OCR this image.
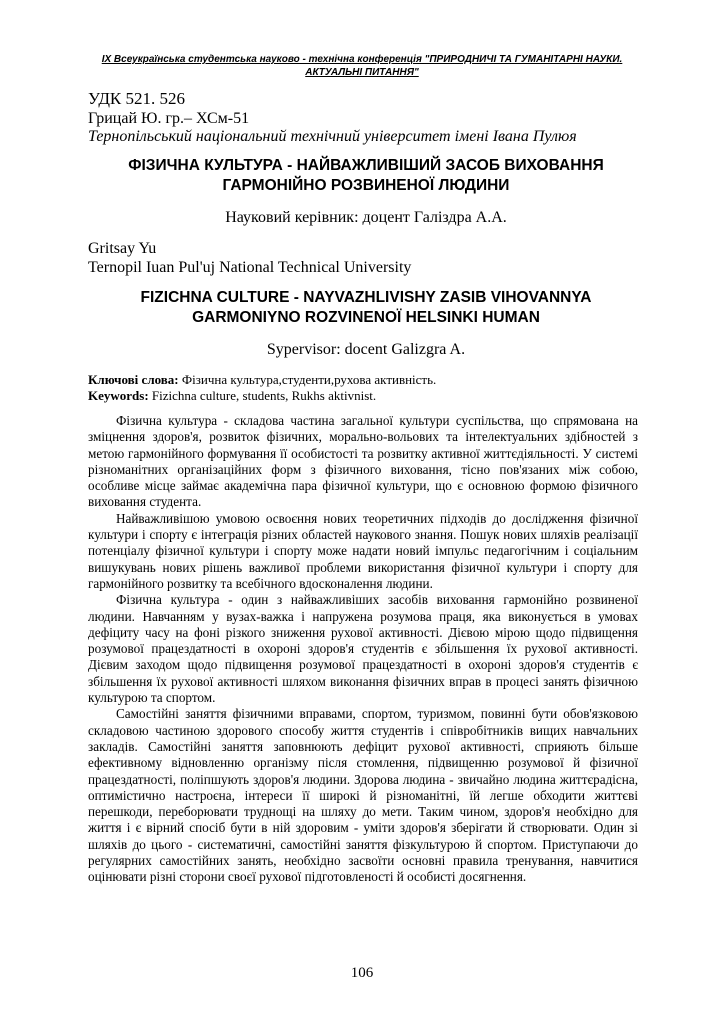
IX Всеукраїнська студентська науково - технічна конференція "ПРИРОДНИЧІ ТА ГУМАНІТАРНІ НАУКИ. АКТУАЛЬНІ ПИТАННЯ"
УДК 521. 526
Грицай Ю. гр.– ХСм-51
Тернопільський національний технічний університет імені Івана Пулюя
ФІЗИЧНА КУЛЬТУРА - НАЙВАЖЛИВІШИЙ ЗАСОБ ВИХОВАННЯ ГАРМОНІЙНО РОЗВИНЕНОЇ ЛЮДИНИ
Науковий керівник: доцент Галіздра А.А.
Gritsay Yu
Ternopil Iuan Pul'uj National Technical University
FIZICHNA CULTURE - NAYVAZHLIVISHY ZASIB VIHOVANNYA GARMONIYNO ROZVINENOЇ HELSINKI HUMAN
Sypervisor: docent Galizgra A.
Ключові слова: Фізична культура,студенти,рухова активність.
Keywords: Fizichna culture, students, Rukhs aktivnist.

Фізична культура - складова частина загальної культури суспільства, що спрямована на зміцнення здоров'я, розвиток фізичних, морально-вольових та інтелектуальних здібностей з метою гармонійного формування її особистості та розвитку активної життєдіяльності. У системі різноманітних організаційних форм з фізичного виховання, тісно пов'язаних між собою, особливе місце займає академічна пара фізичної культури, що є основною формою фізичного виховання студента.

Найважливішою умовою освоєння нових теоретичних підходів до дослідження фізичної культури і спорту є інтеграція різних областей наукового знання. Пошук нових шляхів реалізації потенціалу фізичної культури і спорту може надати новий імпульс педагогічним і соціальним вишукувань нових рішень важливої проблеми використання фізичної культури і спорту для гармонійного розвитку та всебічного вдосконалення людини.

Фізична культура - один з найважливіших засобів виховання гармонійно розвиненої людини. Навчанням у вузах-важка і напружена розумова праця, яка виконується в умовах дефіциту часу на фоні різкого зниження рухової активності. Дієвою мірою щодо підвищення розумової працездатності в охороні здоров'я студентів є збільшення їх рухової активності. Дієвим заходом щодо підвищення розумової працездатності в охороні здоров'я студентів є збільшення їх рухової активності шляхом виконання фізичних вправ в процесі занять фізичною культурою та спортом.

Самостійні заняття фізичними вправами, спортом, туризмом, повинні бути обов'язковою складовою частиною здорового способу життя студентів і співробітників вищих навчальних закладів. Самостійні заняття заповнюють дефіцит рухової активності, сприяють більше ефективному відновленню організму після стомлення, підвищенню розумової й фізичної працездатності, поліпшують здоров'я людини. Здорова людина - звичайно людина життєрадісна, оптимістично настроєна, інтереси її широкі й різноманітні, їй легше обходити життєві перешкоди, переборювати труднощі на шляху до мети. Таким чином, здоров'я необхідно для життя і є вірний спосіб бути в ній здоровим - уміти здоров'я зберігати й створювати. Один зі шляхів до цього - систематичні, самостійні заняття фізкультурою й спортом. Приступаючи до регулярних самостійних занять, необхідно засвоїти основні правила тренування, навчитися оцінювати різні сторони своєї рухової підготовленості й особисті досягнення.

106
